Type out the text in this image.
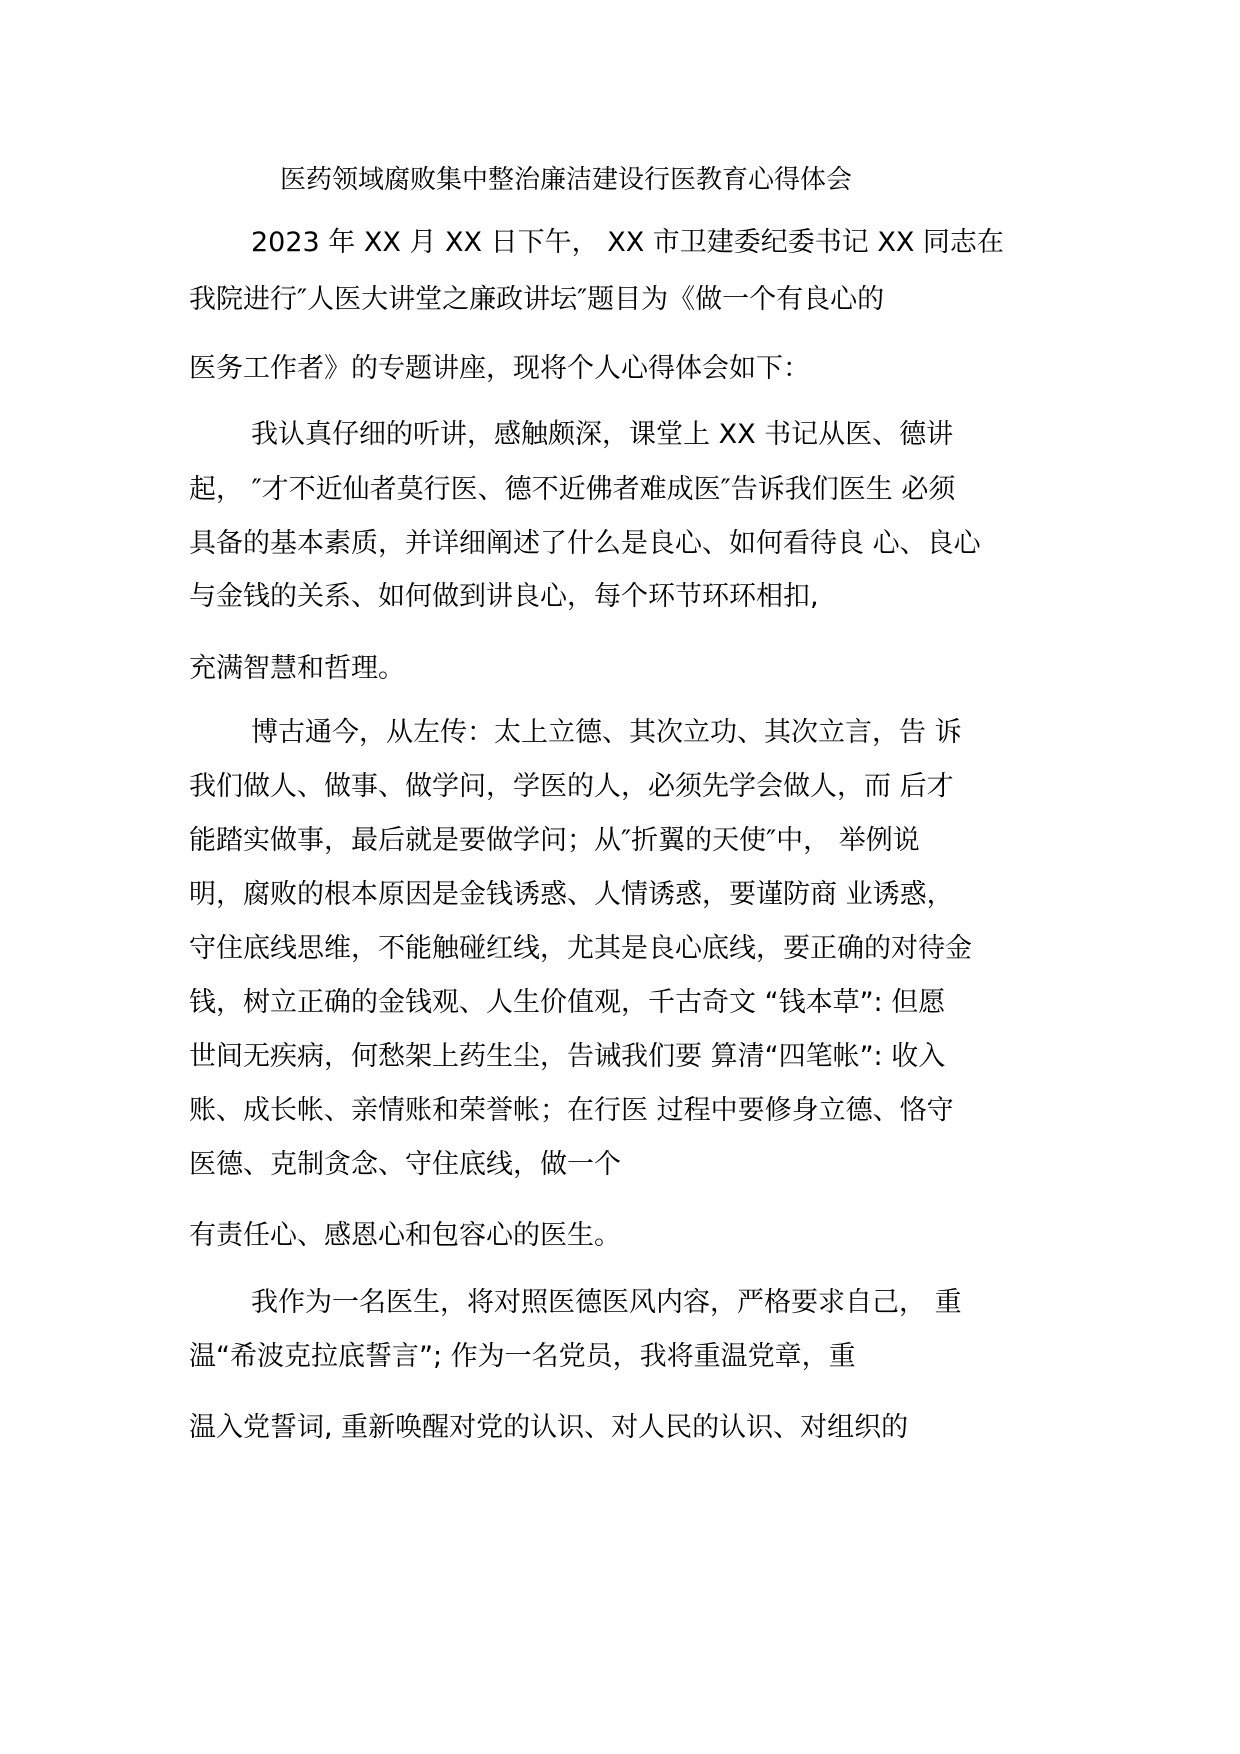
医药领域腐败集中整治廉洁建设行医教育心得体会
2023 年 XX 月 XX 日下午， XX 市卫建委纪委书记 XX 同志在
我院进行″人医大讲堂之廉政讲坛″题目为《做一个有良心的
医务工作者》的专题讲座，现将个人心得体会如下：
我认真仔细的听讲，感触颇深，课堂上 XX 书记从医、德讲
起， ″才不近仙者莫行医、德不近佛者难成医″告诉我们医生 必须
具备的基本素质，并详细阐述了什么是良心、如何看待良 心、良心
与金钱的关系、如何做到讲良心，每个环节环环相扣,
充满智慧和哲理。
博古通今，从左传：太上立德、其次立功、其次立言，告 诉
我们做人、做事、做学问，学医的人，必须先学会做人，而 后才
能踏实做事，最后就是要做学问；从″折翼的天使″中， 举例说
明，腐败的根本原因是金钱诱惑、人情诱惑，要谨防商 业诱惑，
守住底线思维，不能触碰红线，尤其是良心底线，要正确的对待金
钱，树立正确的金钱观、人生价值观，千古奇文 “钱本草”: 但愿
世间无疾病，何愁架上药生尘，告诫我们要 算清“四笔帐”: 收入
账、成长帐、亲情账和荣誉帐；在行医 过程中要修身立德、恪守
医德、克制贪念、守住底线，做一个
有责任心、感恩心和包容心的医生。
我作为一名医生，将对照医德医风内容，严格要求自己， 重
温“希波克拉底誓言”; 作为一名党员，我将重温党章，重
温入党誓词, 重新唤醒对党的认识、对人民的认识、对组织的
